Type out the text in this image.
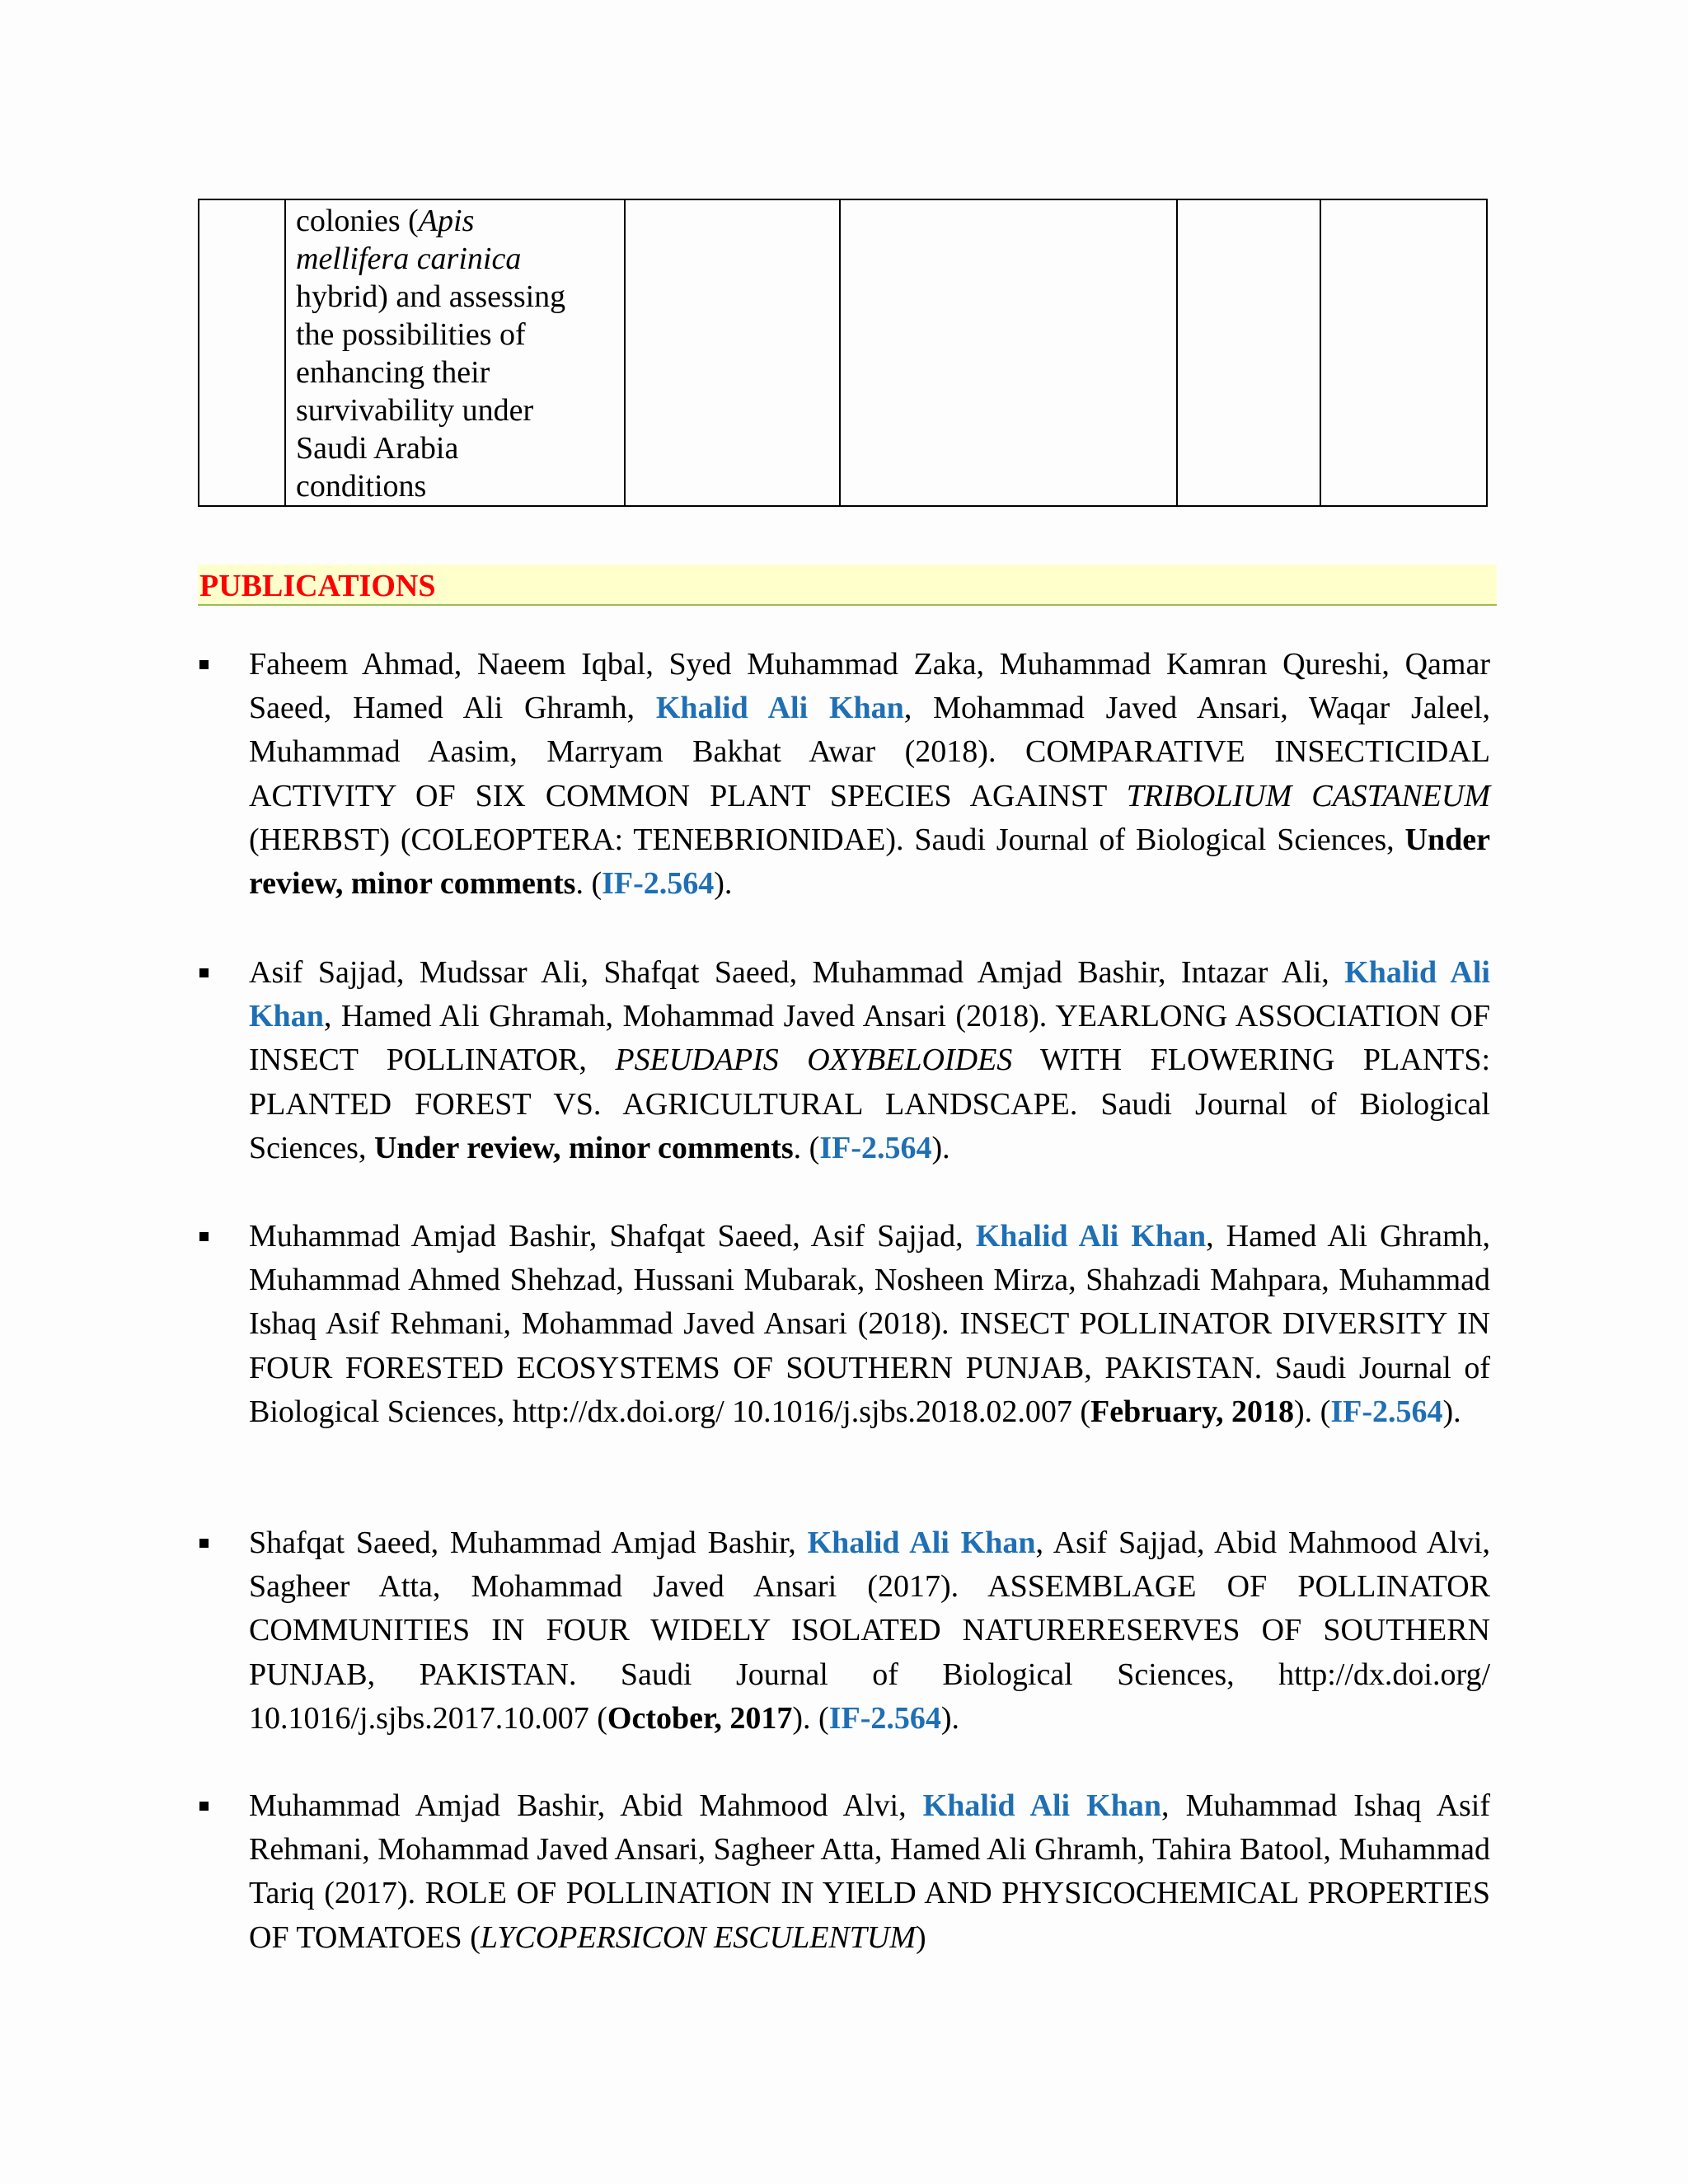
	colonies (Apis
mellifera carinica
hybrid) and assessing
the possibilities of
enhancing their
survivability under
Saudi Arabia
conditions				
PUBLICATIONS
Faheem Ahmad, Naeem Iqbal, Syed Muhammad Zaka, Muhammad Kamran Qureshi, Qamar Saeed, Hamed Ali Ghramh, Khalid Ali Khan, Mohammad Javed Ansari, Waqar Jaleel, Muhammad Aasim, Marryam Bakhat Awar (2018). COMPARATIVE INSECTICIDAL ACTIVITY OF SIX COMMON PLANT SPECIES AGAINST TRIBOLIUM CASTANEUM (HERBST) (COLEOPTERA: TENEBRIONIDAE). Saudi Journal of Biological Sciences, Under review, minor comments. (IF-2.564).
Asif Sajjad, Mudssar Ali, Shafqat Saeed, Muhammad Amjad Bashir, Intazar Ali, Khalid Ali Khan, Hamed Ali Ghramah, Mohammad Javed Ansari (2018). YEARLONG ASSOCIATION OF INSECT POLLINATOR, PSEUDAPIS OXYBELOIDES WITH FLOWERING PLANTS: PLANTED FOREST VS. AGRICULTURAL LANDSCAPE. Saudi Journal of Biological Sciences, Under review, minor comments. (IF-2.564).
Muhammad Amjad Bashir, Shafqat Saeed, Asif Sajjad, Khalid Ali Khan, Hamed Ali Ghramh, Muhammad Ahmed Shehzad, Hussani Mubarak, Nosheen Mirza, Shahzadi Mahpara, Muhammad Ishaq Asif Rehmani, Mohammad Javed Ansari (2018). INSECT POLLINATOR DIVERSITY IN FOUR FORESTED ECOSYSTEMS OF SOUTHERN PUNJAB, PAKISTAN. Saudi Journal of Biological Sciences, http://dx.doi.org/ 10.1016/j.sjbs.2018.02.007 (February, 2018). (IF-2.564).
Shafqat Saeed, Muhammad Amjad Bashir, Khalid Ali Khan, Asif Sajjad, Abid Mahmood Alvi, Sagheer Atta, Mohammad Javed Ansari (2017). ASSEMBLAGE OF POLLINATOR COMMUNITIES IN FOUR WIDELY ISOLATED NATURERESERVES OF SOUTHERN PUNJAB, PAKISTAN. Saudi Journal of Biological Sciences, http://dx.doi.org/ 10.1016/j.sjbs.2017.10.007 (October, 2017). (IF-2.564).
Muhammad Amjad Bashir, Abid Mahmood Alvi, Khalid Ali Khan, Muhammad Ishaq Asif Rehmani, Mohammad Javed Ansari, Sagheer Atta, Hamed Ali Ghramh, Tahira Batool, Muhammad Tariq (2017). ROLE OF POLLINATION IN YIELD AND PHYSICOCHEMICAL PROPERTIES OF TOMATOES (LYCOPERSICON ESCULENTUM)
